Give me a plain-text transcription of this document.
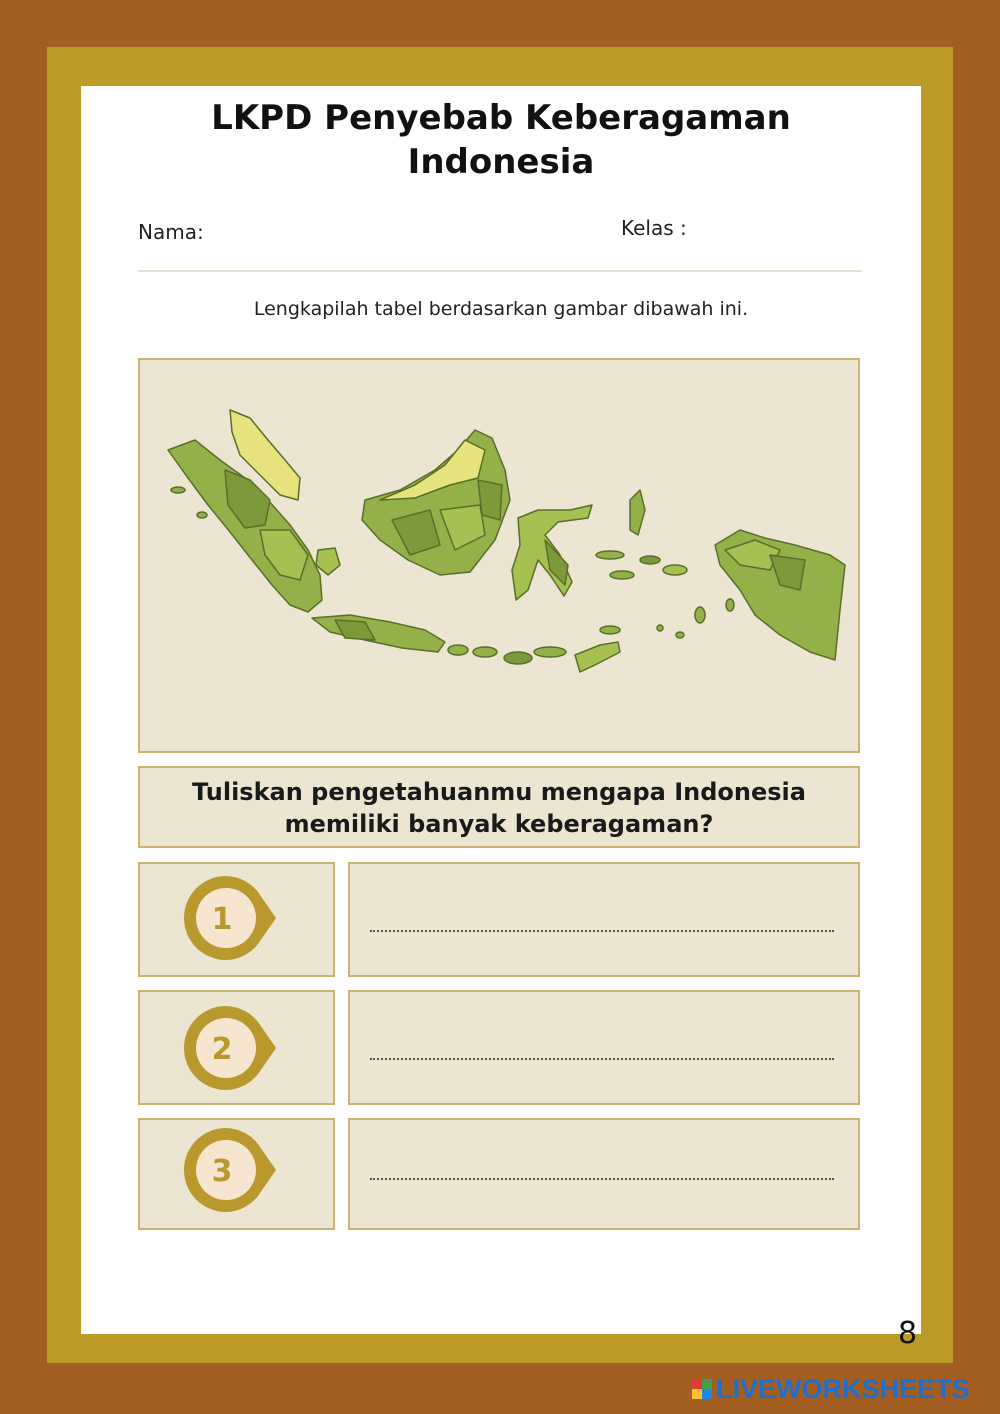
LKPD Penyebab Keberagaman
Indonesia
Nama:	Kelas :
Lengkapilah tabel berdasarkan gambar dibawah ini.
Tuliskan pengetahuanmu mengapa Indonesia
memiliki banyak keberagaman?
1
2
3
8
LIVEWORKSHEETS
